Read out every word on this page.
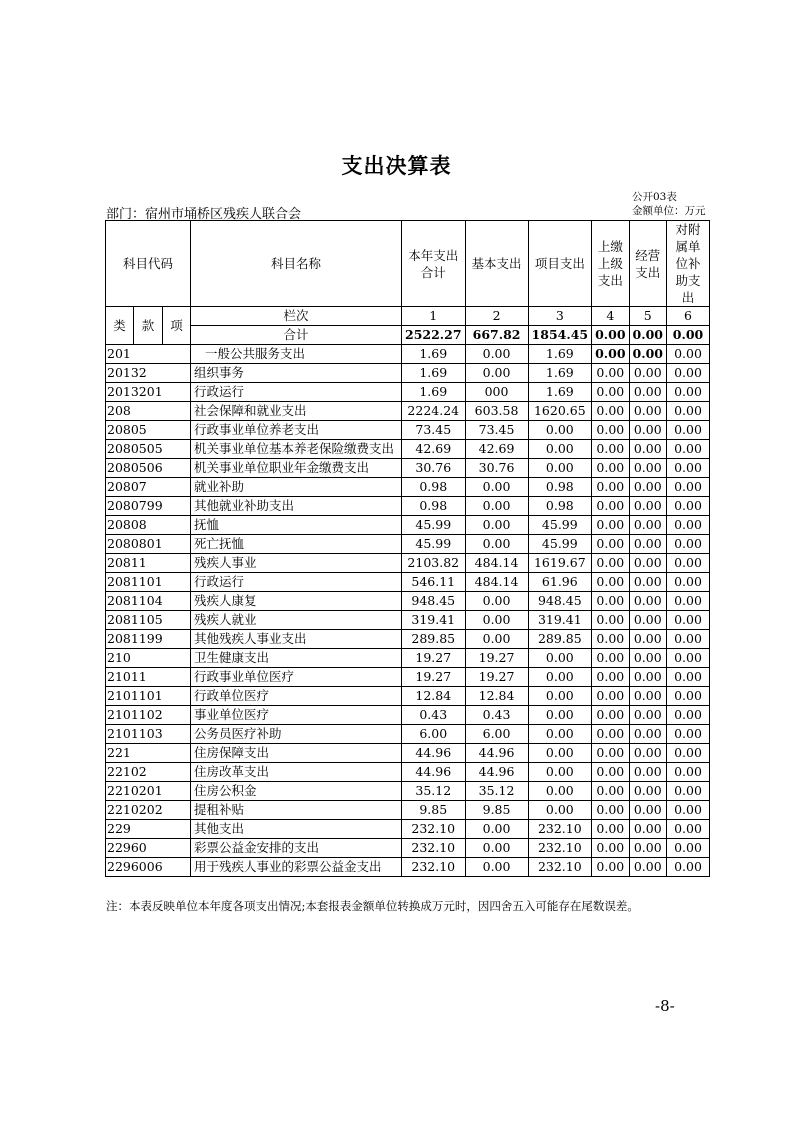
支出决算表
部门：宿州市埇桥区残疾人联合会
公开03表
金额单位：万元
科目代码			科目名称	本年支出合计	基本支出	项目支出	上缴上级支出	经营支出	对附属单位补助支出

类	款	项	栏次	1	2	3	4	5	6
			合计	2522.27	667.82	1854.45	0.00	0.00	0.00
201			一般公共服务支出	1.69	0.00	1.69	0.00	0.00	0.00
20132			组织事务	1.69	0.00	1.69	0.00	0.00	0.00
2013201			行政运行	1.69	000	1.69	0.00	0.00	0.00
208			社会保障和就业支出	2224.24	603.58	1620.65	0.00	0.00	0.00
20805			行政事业单位养老支出	73.45	73.45	0.00	0.00	0.00	0.00
2080505			机关事业单位基本养老保险缴费支出	42.69	42.69	0.00	0.00	0.00	0.00
2080506			机关事业单位职业年金缴费支出	30.76	30.76	0.00	0.00	0.00	0.00
20807			就业补助	0.98	0.00	0.98	0.00	0.00	0.00
2080799			其他就业补助支出	0.98	0.00	0.98	0.00	0.00	0.00
20808			抚恤	45.99	0.00	45.99	0.00	0.00	0.00
2080801			死亡抚恤	45.99	0.00	45.99	0.00	0.00	0.00
20811			残疾人事业	2103.82	484.14	1619.67	0.00	0.00	0.00
2081101			行政运行	546.11	484.14	61.96	0.00	0.00	0.00
2081104			残疾人康复	948.45	0.00	948.45	0.00	0.00	0.00
2081105			残疾人就业	319.41	0.00	319.41	0.00	0.00	0.00
2081199			其他残疾人事业支出	289.85	0.00	289.85	0.00	0.00	0.00
210			卫生健康支出	19.27	19.27	0.00	0.00	0.00	0.00
21011			行政事业单位医疗	19.27	19.27	0.00	0.00	0.00	0.00
2101101			行政单位医疗	12.84	12.84	0.00	0.00	0.00	0.00
2101102			事业单位医疗	0.43	0.43	0.00	0.00	0.00	0.00
2101103			公务员医疗补助	6.00	6.00	0.00	0.00	0.00	0.00
221			住房保障支出	44.96	44.96	0.00	0.00	0.00	0.00
22102			住房改革支出	44.96	44.96	0.00	0.00	0.00	0.00
2210201			住房公积金	35.12	35.12	0.00	0.00	0.00	0.00
2210202			提租补贴	9.85	9.85	0.00	0.00	0.00	0.00
229			其他支出	232.10	0.00	232.10	0.00	0.00	0.00
22960			彩票公益金安排的支出	232.10	0.00	232.10	0.00	0.00	0.00
2296006			用于残疾人事业的彩票公益金支出	232.10	0.00	232.10	0.00	0.00	0.00
注：本表反映单位本年度各项支出情况;本套报表金额单位转换成万元时，因四舍五入可能存在尾数误差。
-8-
